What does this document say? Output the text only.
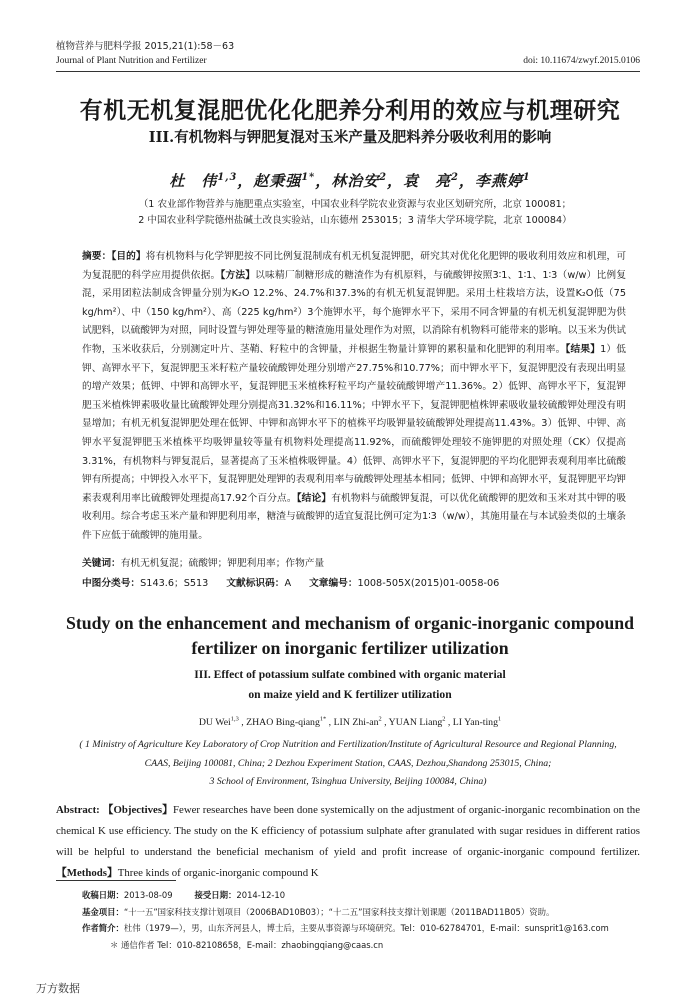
植物营养与肥料学报 2015,21(1):58－63
Journal of Plant Nutrition and Fertilizer	doi: 10.11674/zwyf.2015.0106
有机无机复混肥优化化肥养分利用的效应与机理研究
III.有机物料与钾肥复混对玉米产量及肥料养分吸收利用的影响
杜　伟$^{1,3}$，赵秉强$^{1*}$，林治安$^2$，袁　亮$^2$，李燕婷$^1$
（1 农业部作物营养与施肥重点实验室，中国农业科学院农业资源与农业区划研究所，北京 100081；
2 中国农业科学院德州盐碱土改良实验站，山东德州 253015；3 清华大学环境学院，北京 100084）
摘要：【目的】将有机物料与化学钾肥按不同比例复混制成有机无机复混钾肥，研究其对优化化肥钾的吸收利用效应和机理，可为复混肥的科学应用提供依据。【方法】以味精厂制糖形成的糖渣作为有机原料，与硫酸钾按照3∶1、1∶1、1∶3（w/w）比例复混，采用团粒法制成含钾量分别为K₂O 12.2%、24.7%和37.3%的有机无机复混钾肥。采用土柱栽培方法，设置K₂O低（75 kg/hm²）、中（150 kg/hm²）、高（225 kg/hm²）3个施钾水平，每个施钾水平下，采用不同含钾量的有机无机复混钾肥为供试肥料，以硫酸钾为对照，同时设置与钾处理等量的糖渣施用量处理作为对照，以消除有机物料可能带来的影响。以玉米为供试作物，玉米收获后，分别测定叶片、茎鞘、籽粒中的含钾量，并根据生物量计算钾的累积量和化肥钾的利用率。【结果】1）低钾、高钾水平下，复混钾肥玉米籽粒产量较硫酸钾处理分别增产27.75%和10.77%；而中钾水平下，复混钾肥没有表现出明显的增产效果；低钾、中钾和高钾水平，复混钾肥玉米植株籽粒平均产量较硫酸钾增产11.36%。2）低钾、高钾水平下，复混钾肥玉米植株钾素吸收量比硫酸钾处理分别提高31.32%和16.11%；中钾水平下，复混钾肥植株钾素吸收量较硫酸钾处理没有明显增加；有机无机复混钾肥处理在低钾、中钾和高钾水平下的植株平均吸钾量较硫酸钾处理提高11.43%。3）低钾、中钾、高钾水平复混钾肥玉米植株平均吸钾量较等量有机物料处理提高11.92%，而硫酸钾处理较不施钾肥的对照处理（CK）仅提高3.31%，有机物料与钾复混后，显著提高了玉米植株吸钾量。4）低钾、高钾水平下，复混钾肥的平均化肥钾表观利用率比硫酸钾有所提高；中钾投入水平下，复混钾肥处理钾的表观利用率与硫酸钾处理基本相同；低钾、中钾和高钾水平，复混钾肥平均钾素表观利用率比硫酸钾处理提高17.92个百分点。【结论】有机物料与硫酸钾复混，可以优化硫酸钾的肥效和玉米对其中钾的吸收利用。综合考虑玉米产量和钾肥利用率，糖渣与硫酸钾的适宜复混比例可定为1∶3（w/w），其施用量在与本试验类似的土壤条件下应低于硫酸钾的施用量。
关键词：有机无机复混；硫酸钾；钾肥利用率；作物产量
中图分类号：S143.6；S513 文献标识码：A 文章编号：1008-505X(2015)01-0058-06
Study on the enhancement and mechanism of organic-inorganic compound fertilizer on inorganic fertilizer utilization
III. Effect of potassium sulfate combined with organic material
on maize yield and K fertilizer utilization
DU Wei$^{1,3}$ , ZHAO Bing-qiang$^{1*}$ , LIN Zhi-$an^2$ , YUAN Liang$^2$ , LI Yan-ting$^1$
( 1 Ministry of Agriculture Key Laboratory of Crop Nutrition and Fertilization/Institute of Agricultural Resource and Regional Planning,
CAAS, Beijing 100081, China; 2 Dezhou Experiment Station, CAAS, Dezhou,Shandong 253015, China;
3 School of Environment, Tsinghua University, Beijing 100084, China)
Abstract: 【Objectives】Fewer researches have been done systemically on the adjustment of organic-inorganic recombination on the chemical K use efficiency. The study on the K efficiency of potassium sulphate after granulated with sugar residues in different ratios will be helpful to understand the beneficial mechanism of yield and profit increase of organic-inorganic compound fertilizer.【Methods】Three kinds of organic-inorganic compound K
收稿日期：2013-08-09	接受日期：2014-12-10
基金项目：“十一五”国家科技支撑计划项目（2006BAD10B03）；“十二五”国家科技支撑计划课题（2011BAD11B05）资助。
作者简介：杜伟（1979—），男，山东齐河县人，博士后，主要从事资源与环境研究。Tel：010-62784701，E-mail：sunsprit1@163.com
＊ 通信作者 Tel：010-82108658，E-mail：zhaobingqiang@caas.cn
万方数据
